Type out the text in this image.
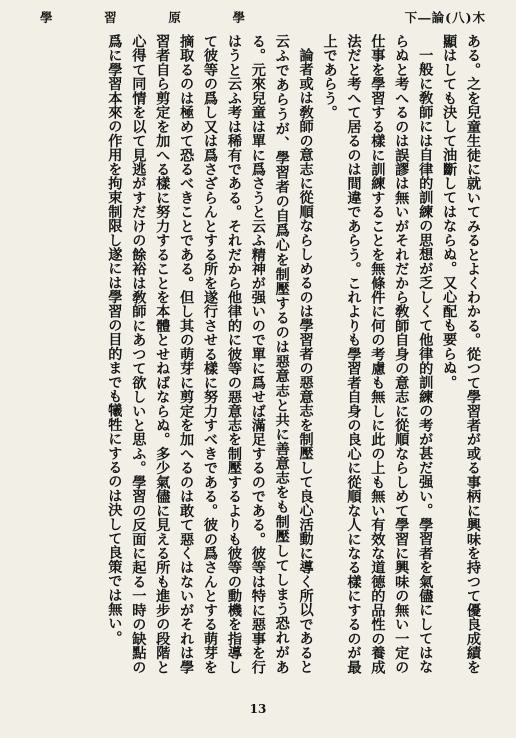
下―論(八)木
學	習	原	學

ある。之を兒童生徒に就いてみるとよくわかる。從つて學習者が或る事柄に興味を持つて優良成績を顯はしても決して油斷してはならぬ。又心配も要らぬ。

一般に敎師には自律的訓練の思想が乏しくて他律的訓練の考が甚だ强い。學習者を氣儘にしてはならぬと考へるのは誤謬は無いがそれだから敎師自身の意志に從順ならしめて學習に興味の無い一定の仕事を學習する樣に訓練することを無條件に何の考慮も無しに此の上も無い有效な道德的品性の養成法だと考へて居るのは間違であらう。これよりも學習者自身の良心に從順な人になる樣にするのが最上であらう。

論者或は敎師の意志に從順ならしめるのは學習者の惡意志を制壓して良心活動に導く所以であると云ふであらうが、學習者の自爲心を制壓するのは惡意志と共に善意志をも制壓してしまう恐れがある。元來兒童は單に爲さうと云ふ精神が强いので單に爲せば滿足するのである。彼等は特に惡事を行はうと云ふ考は稀有である。それだから他律的に彼等の惡意志を制壓するよりも彼等の動機を指導して彼等の爲し又は爲さざらんとする所を遂行させる樣に努力すべきである。彼の爲さんとする萌芽を摘取るのは極めて恐るべきことである。但し其の萌芽に剪定を加へるのは敢て惡くはないがそれは學習者自ら剪定を加へる樣に努力することを本體とせねばならぬ。多少氣儘に見える所も進步の段階と心得て同情を以て見逃がすだけの餘裕は敎師にあつて欲しいと思ふ。學習の反面に起る一時の缺點の爲に學習本來の作用を拘束制限し遂には學習の目的までも犧牲にするのは決して良策では無い。

13
